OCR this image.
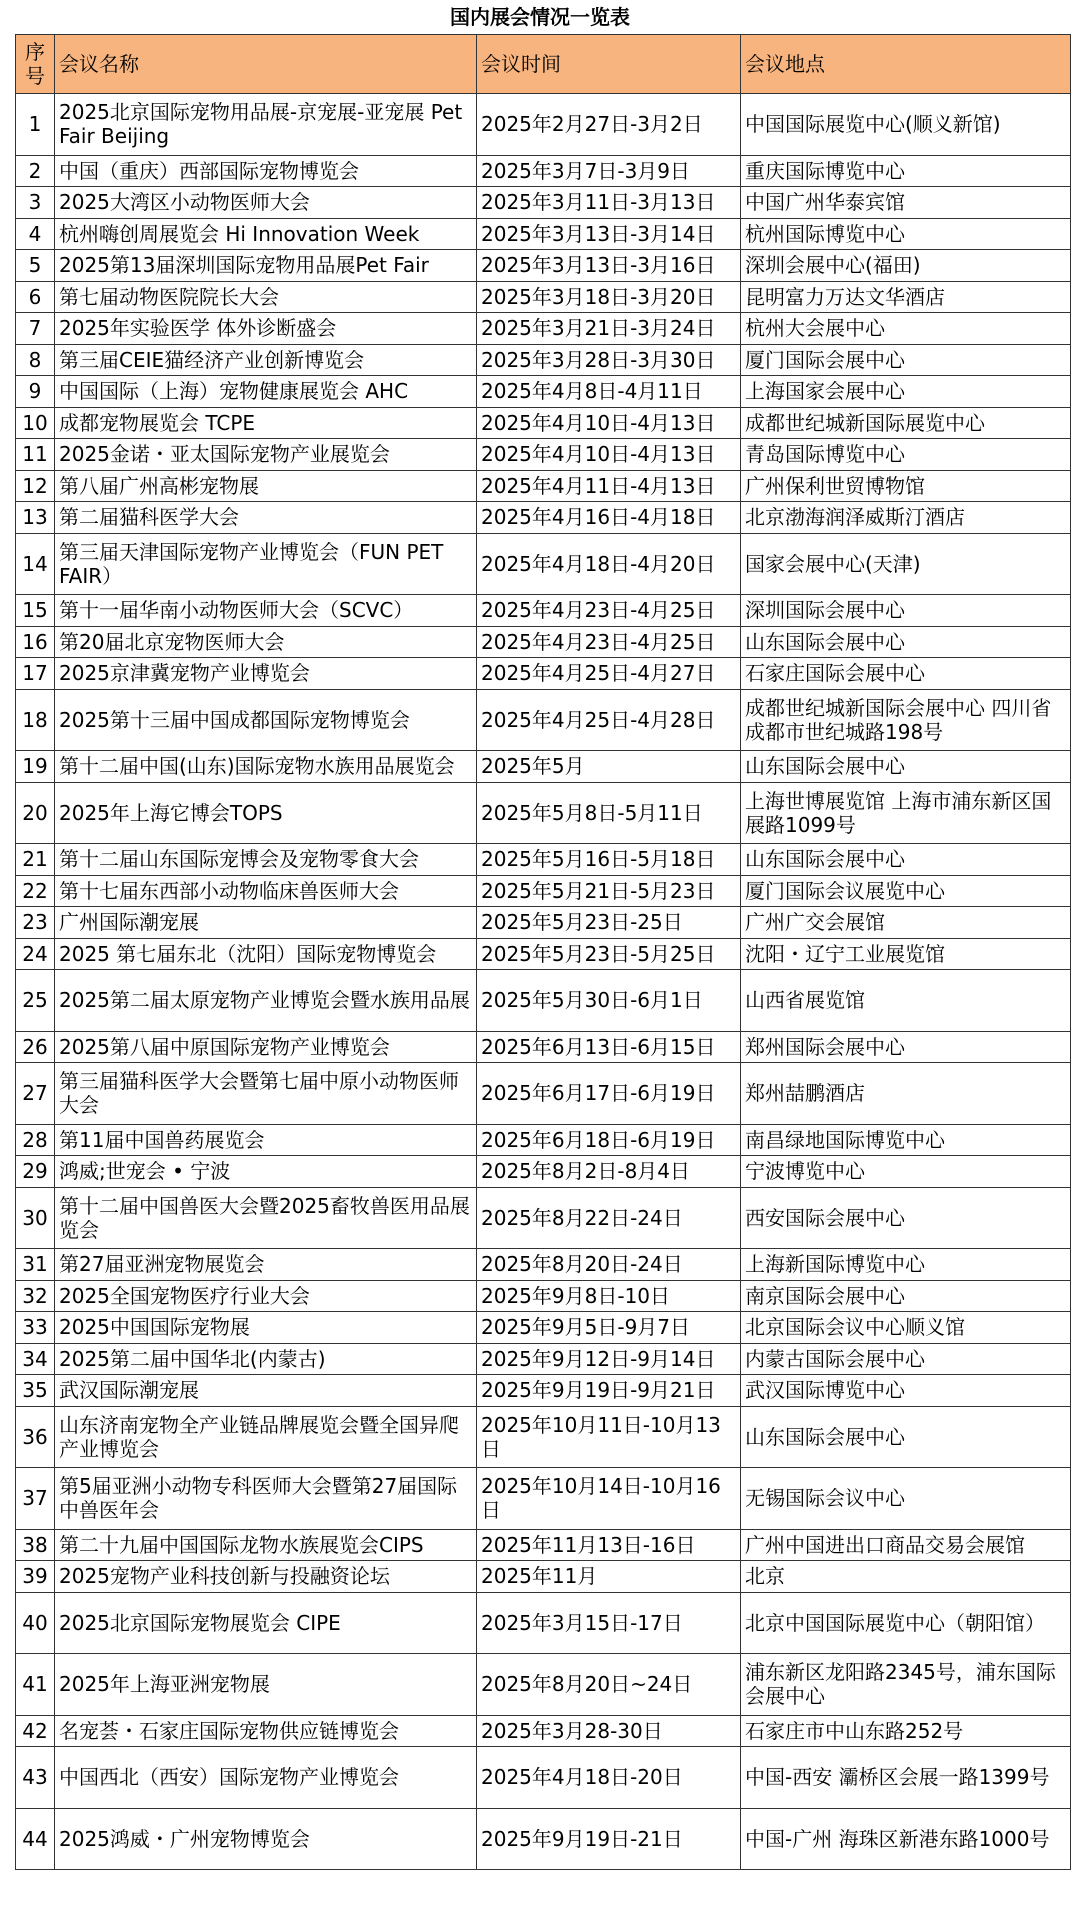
国内展会情况一览表
序号	会议名称	会议时间	会议地点
1	2025北京国际宠物用品展-京宠展-亚宠展 Pet Fair Beijing	2025年2月27日-3月2日	中国国际展览中心(顺义新馆)
2	中国（重庆）西部国际宠物博览会	2025年3月7日-3月9日	重庆国际博览中心
3	2025大湾区小动物医师大会	2025年3月11日-3月13日	中国广州华泰宾馆
4	杭州嗨创周展览会 Hi Innovation Week	2025年3月13日-3月14日	杭州国际博览中心
5	2025第13届深圳国际宠物用品展Pet Fair	2025年3月13日-3月16日	深圳会展中心(福田)
6	第七届动物医院院长大会	2025年3月18日-3月20日	昆明富力万达文华酒店
7	2025年实验医学 体外诊断盛会	2025年3月21日-3月24日	杭州大会展中心
8	第三届CEIE猫经济产业创新博览会	2025年3月28日-3月30日	厦门国际会展中心
9	中国国际（上海）宠物健康展览会 AHC	2025年4月8日-4月11日	上海国家会展中心
10	成都宠物展览会 TCPE	2025年4月10日-4月13日	成都世纪城新国际展览中心
11	2025金诺・亚太国际宠物产业展览会	2025年4月10日-4月13日	青岛国际博览中心
12	第八届广州高彬宠物展	2025年4月11日-4月13日	广州保利世贸博物馆
13	第二届猫科医学大会	2025年4月16日-4月18日	北京渤海润泽威斯汀酒店
14	第三届天津国际宠物产业博览会（FUN PET FAIR）	2025年4月18日-4月20日	国家会展中心(天津)
15	第十一届华南小动物医师大会（SCVC）	2025年4月23日-4月25日	深圳国际会展中心
16	第20届北京宠物医师大会	2025年4月23日-4月25日	山东国际会展中心
17	2025京津冀宠物产业博览会	2025年4月25日-4月27日	石家庄国际会展中心
18	2025第十三届中国成都国际宠物博览会	2025年4月25日-4月28日	成都世纪城新国际会展中心 四川省成都市世纪城路198号
19	第十二届中国(山东)国际宠物水族用品展览会	2025年5月	山东国际会展中心
20	2025年上海它博会TOPS	2025年5月8日-5月11日	上海世博展览馆 上海市浦东新区国展路1099号
21	第十二届山东国际宠博会及宠物零食大会	2025年5月16日-5月18日	山东国际会展中心
22	第十七届东西部小动物临床兽医师大会	2025年5月21日-5月23日	厦门国际会议展览中心
23	广州国际潮宠展	2025年5月23日-25日	广州广交会展馆
24	2025 第七届东北（沈阳）国际宠物博览会	2025年5月23日-5月25日	沈阳・辽宁工业展览馆
25	2025第二届太原宠物产业博览会暨水族用品展	2025年5月30日-6月1日	山西省展览馆
26	2025第八届中原国际宠物产业博览会	2025年6月13日-6月15日	郑州国际会展中心
27	第三届猫科医学大会暨第七届中原小动物医师大会	2025年6月17日-6月19日	郑州喆鹏酒店
28	第11届中国兽药展览会	2025年6月18日-6月19日	南昌绿地国际博览中心
29	鸿威;世宠会 • 宁波	2025年8月2日-8月4日	宁波博览中心
30	第十二届中国兽医大会暨2025畜牧兽医用品展览会	2025年8月22日-24日	西安国际会展中心
31	第27届亚洲宠物展览会	2025年8月20日-24日	上海新国际博览中心
32	2025全国宠物医疗行业大会	2025年9月8日-10日	南京国际会展中心
33	2025中国国际宠物展	2025年9月5日-9月7日	北京国际会议中心顺义馆
34	2025第二届中国华北(内蒙古)	2025年9月12日-9月14日	内蒙古国际会展中心
35	武汉国际潮宠展	2025年9月19日-9月21日	武汉国际博览中心
36	山东济南宠物全产业链品牌展览会暨全国异爬产业博览会	2025年10月11日-10月13日	山东国际会展中心
37	第5届亚洲小动物专科医师大会暨第27届国际中兽医年会	2025年10月14日-10月16日	无锡国际会议中心
38	第二十九届中国国际龙物水族展览会CIPS	2025年11月13日-16日	广州中国进出口商品交易会展馆
39	2025宠物产业科技创新与投融资论坛	2025年11月	北京
40	2025北京国际宠物展览会 CIPE	2025年3月15日-17日	北京中国国际展览中心（朝阳馆）
41	2025年上海亚洲宠物展	2025年8月20日~24日	浦东新区龙阳路2345号，浦东国际会展中心
42	名宠荟・石家庄国际宠物供应链博览会	2025年3月28-30日	石家庄市中山东路252号
43	中国西北（西安）国际宠物产业博览会	2025年4月18日-20日	中国-西安 灞桥区会展一路1399号
44	2025鸿威・广州宠物博览会	2025年9月19日-21日	中国-广州 海珠区新港东路1000号
